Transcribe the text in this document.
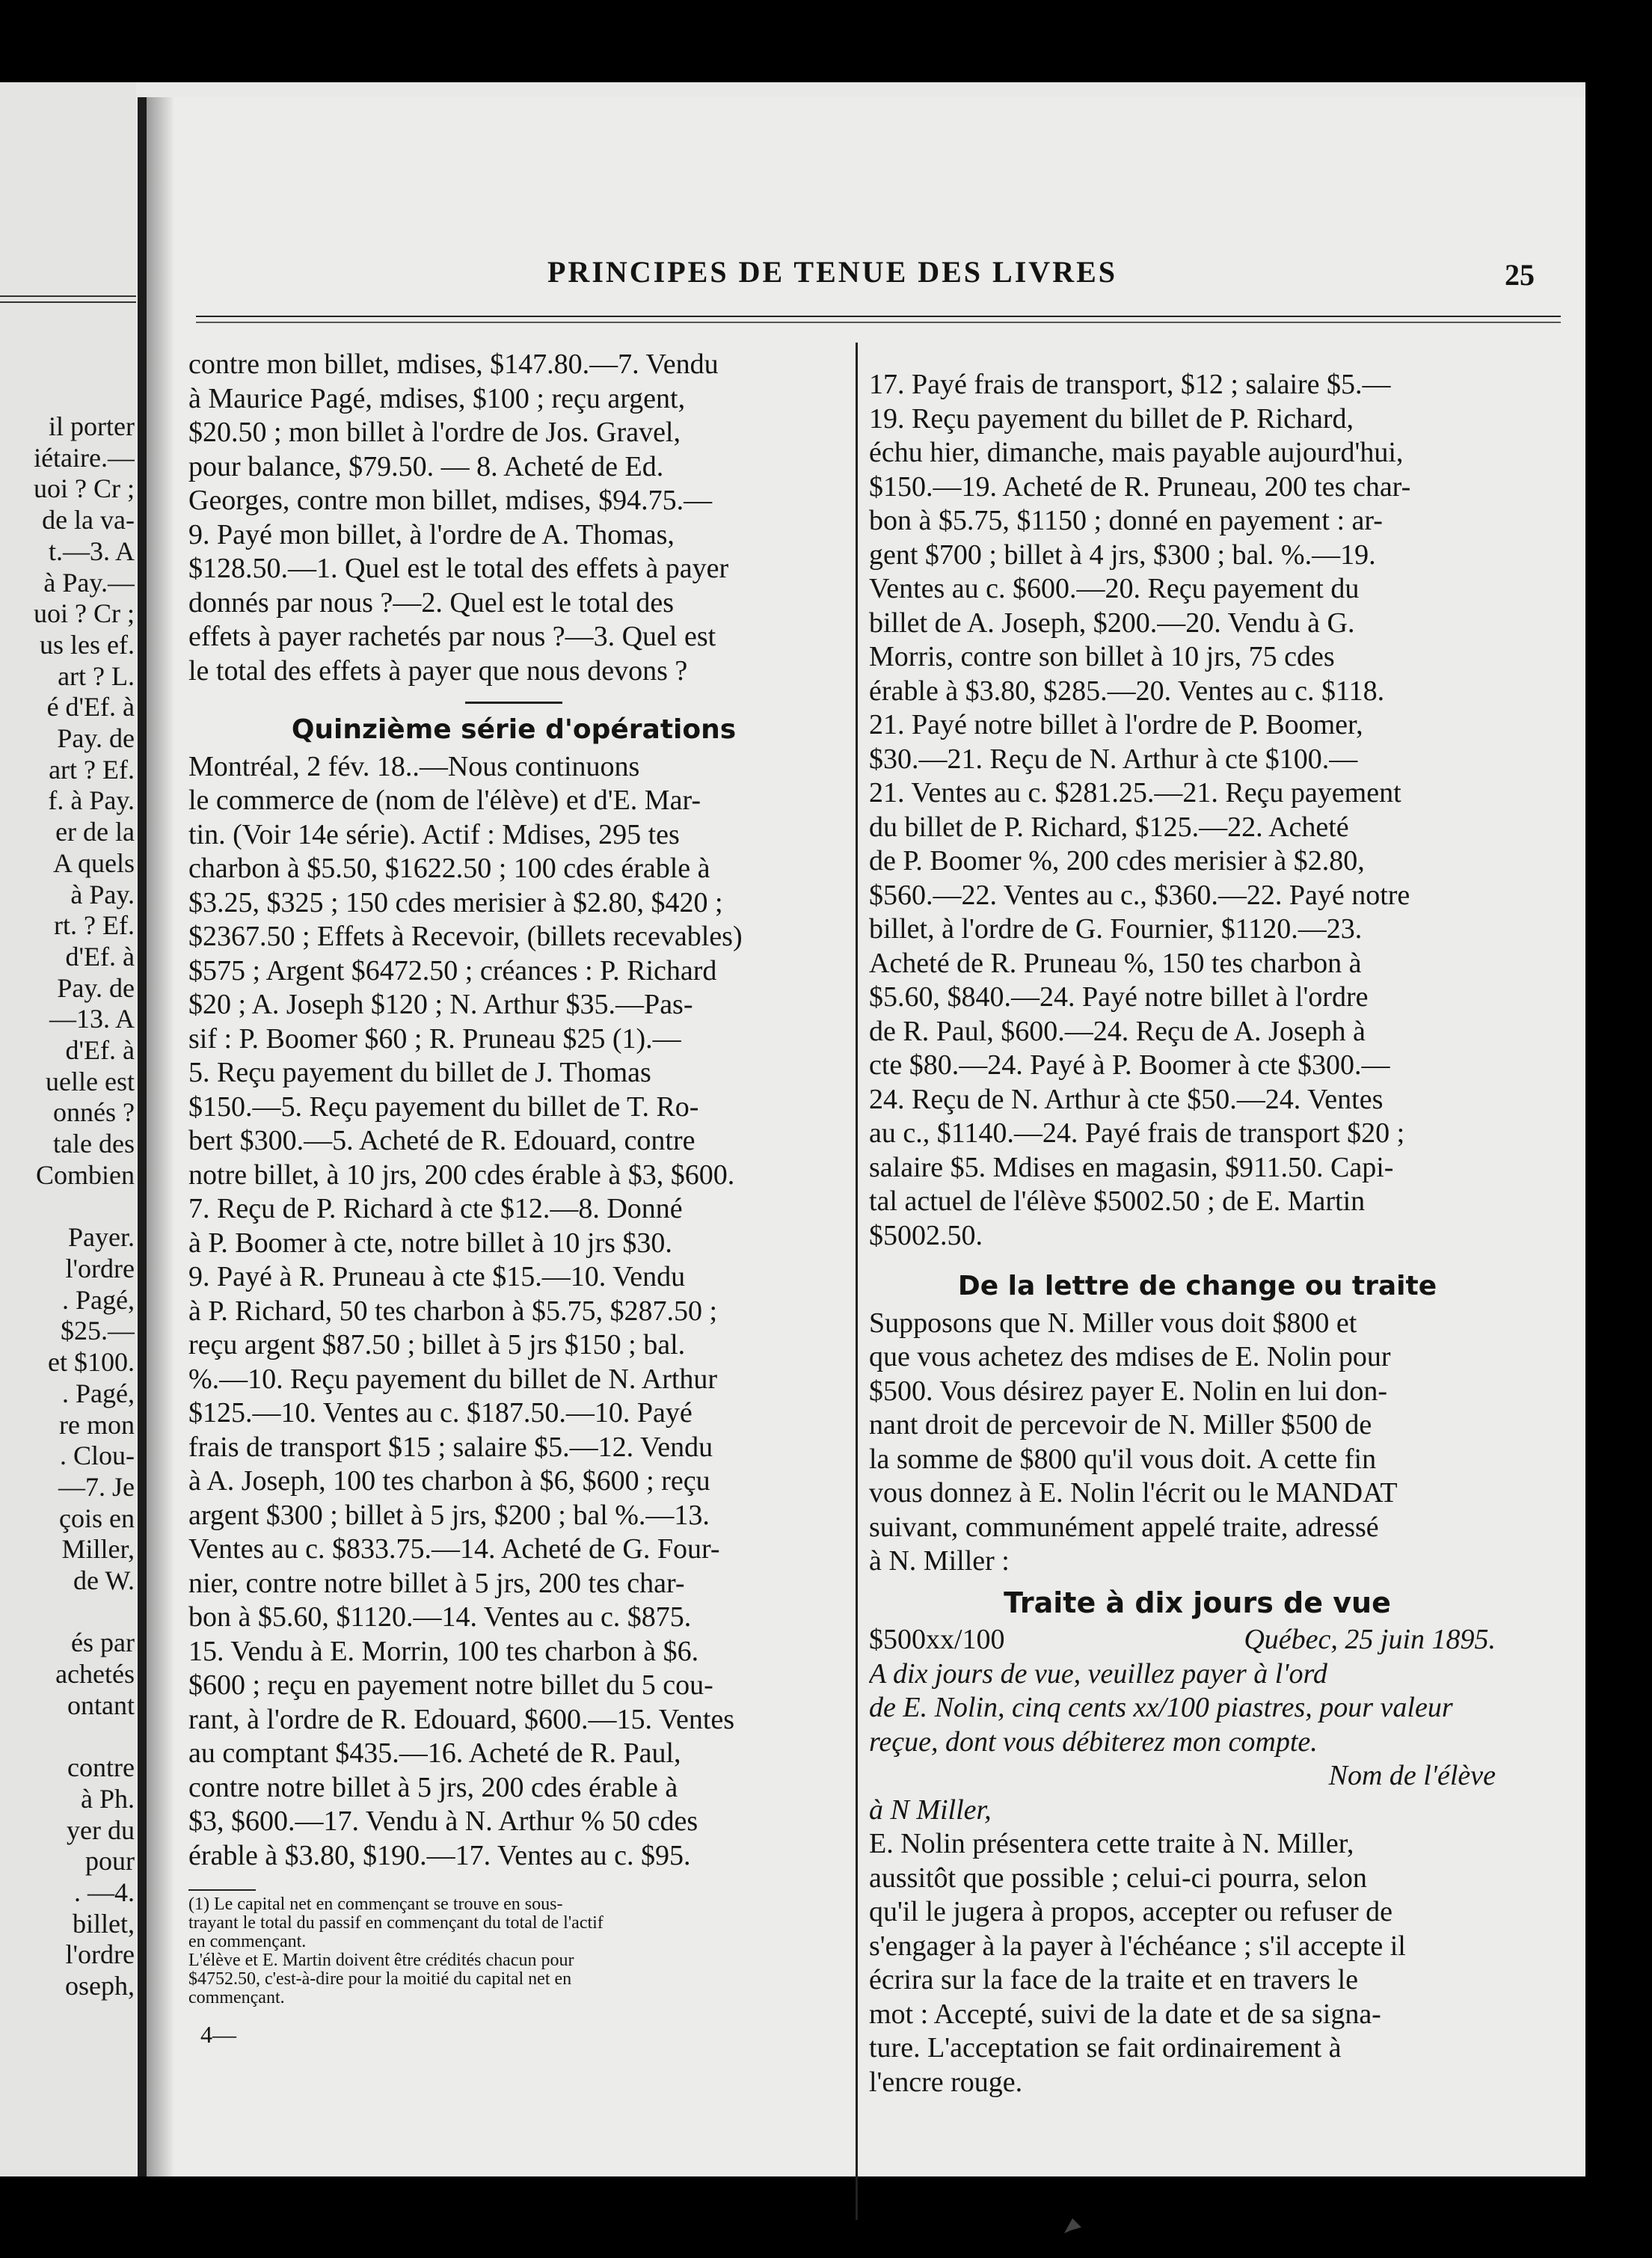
il porter
iétaire.—
uoi ? Cr ;
de la va-
t.—3. A
à Pay.—
uoi ? Cr ;
us les ef.
art ? L.
é d'Ef. à
Pay. de
art ? Ef.
f. à Pay.
er de la
A quels
à Pay.
rt. ? Ef.
d'Ef. à
Pay. de
—13. A
d'Ef. à
uelle est
onnés ?
tale des
Combien

Payer.
l'ordre
. Pagé,
$25.—
et $100.
. Pagé,
re mon
. Clou-
—7. Je
çois en
Miller,
de W.

és par
achetés
ontant

contre
à Ph.
yer du
pour
. —4.
billet,
l'ordre
oseph,
PRINCIPES DE TENUE DES LIVRES	25
contre mon billet, mdises, $147.80.—7. Vendu
à Maurice Pagé, mdises, $100 ; reçu argent,
$20.50 ; mon billet à l'ordre de Jos. Gravel,
pour balance, $79.50. — 8. Acheté de Ed.
Georges, contre mon billet, mdises, $94.75.—
9. Payé mon billet, à l'ordre de A. Thomas,
$128.50.—1. Quel est le total des effets à payer
donnés par nous ?—2. Quel est le total des
effets à payer rachetés par nous ?—3. Quel est
le total des effets à payer que nous devons ?
Quinzième série d'opérations
Montréal, 2 fév. 18..—Nous continuons
le commerce de (nom de l'élève) et d'E. Mar-
tin. (Voir 14e série). Actif : Mdises, 295 tes
charbon à $5.50, $1622.50 ; 100 cdes érable à
$3.25, $325 ; 150 cdes merisier à $2.80, $420 ;
$2367.50 ; Effets à Recevoir, (billets recevables)
$575 ; Argent $6472.50 ; créances : P. Richard
$20 ; A. Joseph $120 ; N. Arthur $35.—Pas-
sif : P. Boomer $60 ; R. Pruneau $25 (1).—
5. Reçu payement du billet de J. Thomas
$150.—5. Reçu payement du billet de T. Ro-
bert $300.—5. Acheté de R. Edouard, contre
notre billet, à 10 jrs, 200 cdes érable à $3, $600.
7. Reçu de P. Richard à cte $12.—8. Donné
à P. Boomer à cte, notre billet à 10 jrs $30.
9. Payé à R. Pruneau à cte $15.—10. Vendu
à P. Richard, 50 tes charbon à $5.75, $287.50 ;
reçu argent $87.50 ; billet à 5 jrs $150 ; bal.
%.—10. Reçu payement du billet de N. Arthur
$125.—10. Ventes au c. $187.50.—10. Payé
frais de transport $15 ; salaire $5.—12. Vendu
à A. Joseph, 100 tes charbon à $6, $600 ; reçu
argent $300 ; billet à 5 jrs, $200 ; bal %.—13.
Ventes au c. $833.75.—14. Acheté de G. Four-
nier, contre notre billet à 5 jrs, 200 tes char-
bon à $5.60, $1120.—14. Ventes au c. $875.
15. Vendu à E. Morrin, 100 tes charbon à $6.
$600 ; reçu en payement notre billet du 5 cou-
rant, à l'ordre de R. Edouard, $600.—15. Ventes
au comptant $435.—16. Acheté de R. Paul,
contre notre billet à 5 jrs, 200 cdes érable à
$3, $600.—17. Vendu à N. Arthur % 50 cdes
érable à $3.80, $190.—17. Ventes au c. $95.
(1) Le capital net en commençant se trouve en sous-
trayant le total du passif en commençant du total de l'actif
en commençant.
L'élève et E. Martin doivent être crédités chacun pour
$4752.50, c'est-à-dire pour la moitié du capital net en
commençant.
4—
17. Payé frais de transport, $12 ; salaire $5.—
19. Reçu payement du billet de P. Richard,
échu hier, dimanche, mais payable aujourd'hui,
$150.—19. Acheté de R. Pruneau, 200 tes char-
bon à $5.75, $1150 ; donné en payement : ar-
gent $700 ; billet à 4 jrs, $300 ; bal. %.—19.
Ventes au c. $600.—20. Reçu payement du
billet de A. Joseph, $200.—20. Vendu à G.
Morris, contre son billet à 10 jrs, 75 cdes
érable à $3.80, $285.—20. Ventes au c. $118.
21. Payé notre billet à l'ordre de P. Boomer,
$30.—21. Reçu de N. Arthur à cte $100.—
21. Ventes au c. $281.25.—21. Reçu payement
du billet de P. Richard, $125.—22. Acheté
de P. Boomer %, 200 cdes merisier à $2.80,
$560.—22. Ventes au c., $360.—22. Payé notre
billet, à l'ordre de G. Fournier, $1120.—23.
Acheté de R. Pruneau %, 150 tes charbon à
$5.60, $840.—24. Payé notre billet à l'ordre
de R. Paul, $600.—24. Reçu de A. Joseph à
cte $80.—24. Payé à P. Boomer à cte $300.—
24. Reçu de N. Arthur à cte $50.—24. Ventes
au c., $1140.—24. Payé frais de transport $20 ;
salaire $5. Mdises en magasin, $911.50. Capi-
tal actuel de l'élève $5002.50 ; de E. Martin
$5002.50.
De la lettre de change ou traite
Supposons que N. Miller vous doit $800 et
que vous achetez des mdises de E. Nolin pour
$500. Vous désirez payer E. Nolin en lui don-
nant droit de percevoir de N. Miller $500 de
la somme de $800 qu'il vous doit. A cette fin
vous donnez à E. Nolin l'écrit ou le MANDAT
suivant, communément appelé traite, adressé
à N. Miller :
Traite à dix jours de vue
$500xx/100	Québec, 25 juin 1895.
A dix jours de vue, veuillez payer à l'ord
de E. Nolin, cinq cents xx/100 piastres, pour valeur
reçue, dont vous débiterez mon compte.
Nom de l'élève
à N Miller,
E. Nolin présentera cette traite à N. Miller,
aussitôt que possible ; celui-ci pourra, selon
qu'il le jugera à propos, accepter ou refuser de
s'engager à la payer à l'échéance ; s'il accepte il
écrira sur la face de la traite et en travers le
mot : Accepté, suivi de la date et de sa signa-
ture. L'acceptation se fait ordinairement à
l'encre rouge.
